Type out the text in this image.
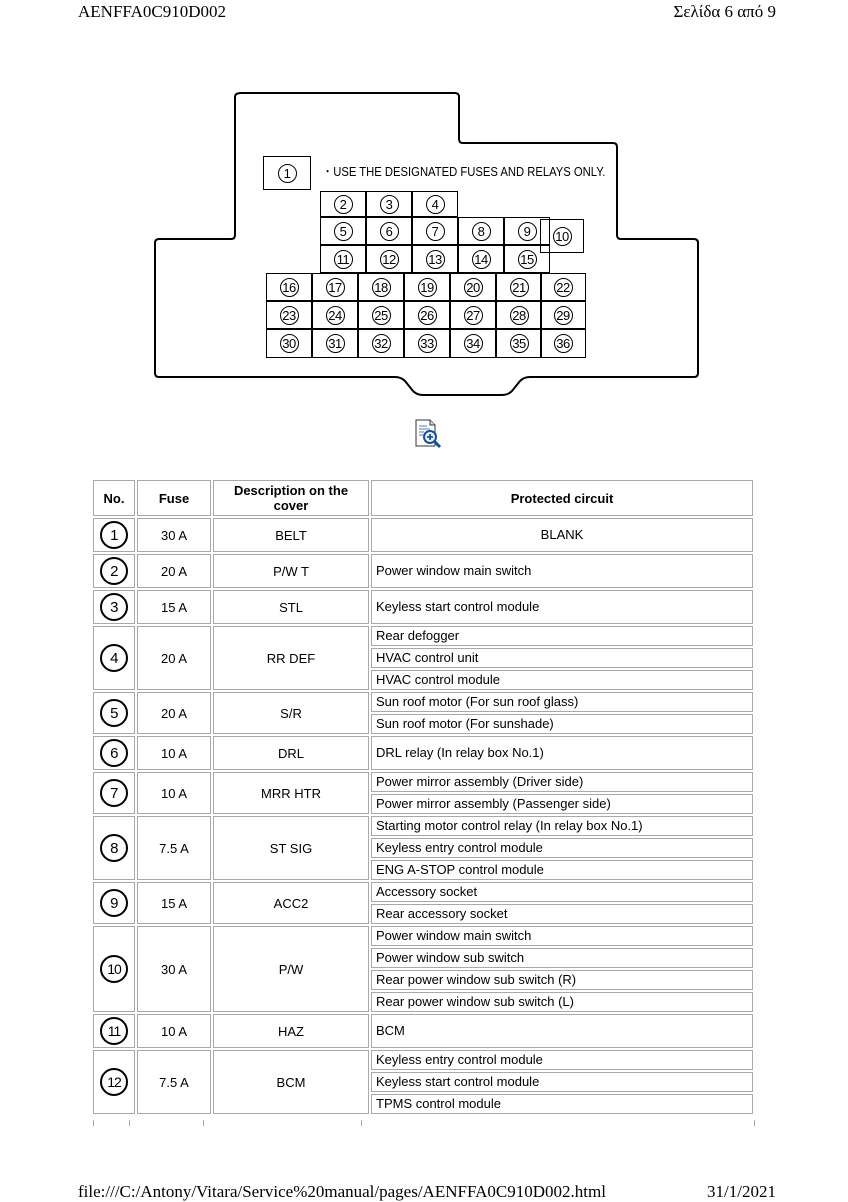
AENFFA0C910D002	Σελίδα 6 από 9
・USE THE DESIGNATED FUSES AND RELAYS ONLY.
1
2	3	4
5	6	7	8	9	10
11	12	13	14	15
16	17	18	19	20	21 22
23	24	25	26	27	28 29
30	31	32	33	34	35 36
No.	Fuse	Description on the cover	Protected circuit
1	30 A	BELT	BLANK
2	20 A	P/W T	Power window main switch
3	15 A	STL	Keyless start control module
4	20 A	RR DEF	Rear defogger
			HVAC control unit
			HVAC control module
5	20 A	S/R	Sun roof motor (For sun roof glass)
			Sun roof motor (For sunshade)
6	10 A	DRL	DRL relay (In relay box No.1)
7	10 A	MRR HTR	Power mirror assembly (Driver side)
			Power mirror assembly (Passenger side)
8	7.5 A	ST SIG	Starting motor control relay (In relay box No.1)
			Keyless entry control module
			ENG A-STOP control module
9	15 A	ACC2	Accessory socket
			Rear accessory socket
10	30 A	P/W	Power window main switch
			Power window sub switch
			Rear power window sub switch (R)
			Rear power window sub switch (L)
11	10 A	HAZ	BCM
12	7.5 A	BCM	Keyless entry control module
			Keyless start control module
			TPMS control module
file:///C:/Antony/Vitara/Service%20manual/pages/AENFFA0C910D002.html	31/1/2021
